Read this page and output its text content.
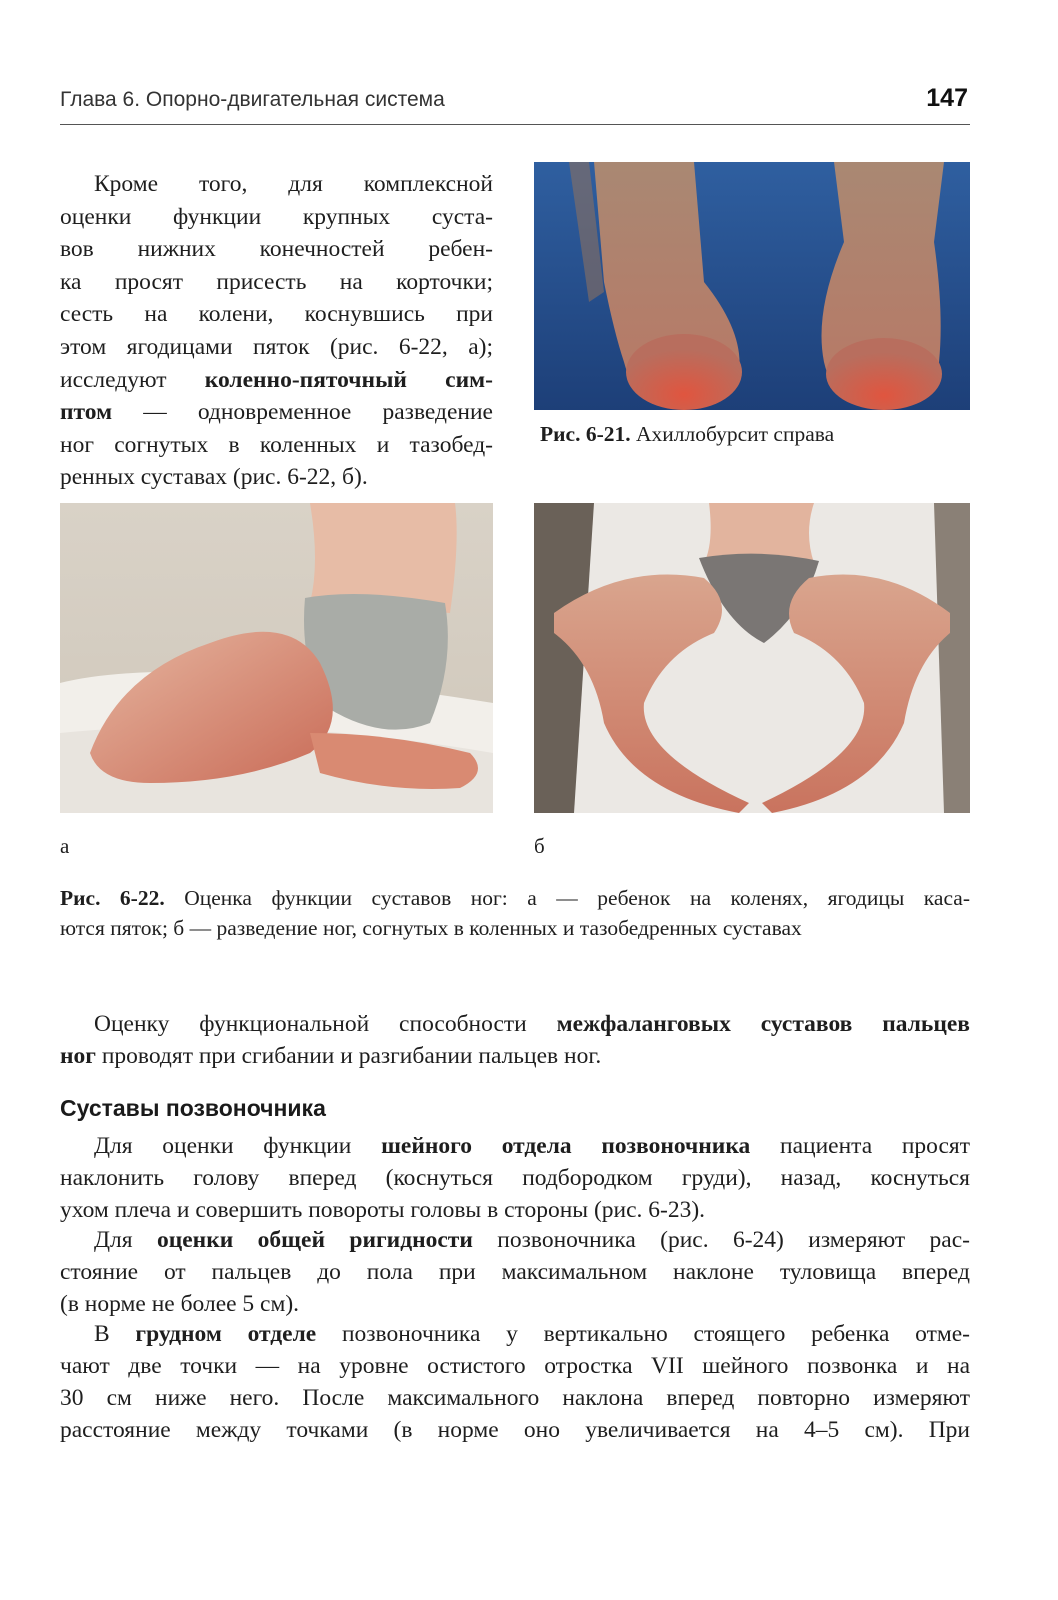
Глава 6. Опорно-двигательная система	147

Кроме того, для комплексной
оценки функции крупных суста-
вов нижних конечностей ребен-
ка просят присесть на корточки;
сесть на колени, коснувшись при
этом ягодицами пяток (рис. 6-22, а);
исследуют коленно-пяточный сим-
птом — одновременное разведение
ног согнутых в коленных и тазобед-
ренных суставах (рис. 6-22, б).

Рис. 6-21. Ахиллобурсит справа

а	б

Рис. 6-22. Оценка функции суставов ног: а — ребенок на коленях, ягодицы каса-
ются пяток; б — разведение ног, согнутых в коленных и тазобедренных суставах

Оценку функциональной способности межфаланговых суставов пальцев
ног проводят при сгибании и разгибании пальцев ног.

Суставы позвоночника

Для оценки функции шейного отдела позвоночника пациента просят
наклонить голову вперед (коснуться подбородком груди), назад, коснуться
ухом плеча и совершить повороты головы в стороны (рис. 6-23).

Для оценки общей ригидности позвоночника (рис. 6-24) измеряют рас-
стояние от пальцев до пола при максимальном наклоне туловища вперед
(в норме не более 5 см).

В грудном отделе позвоночника у вертикально стоящего ребенка отме-
чают две точки — на уровне остистого отростка VII шейного позвонка и на
30 см ниже него. После максимального наклона вперед повторно измеряют
расстояние между точками (в норме оно увеличивается на 4–5 см). При
